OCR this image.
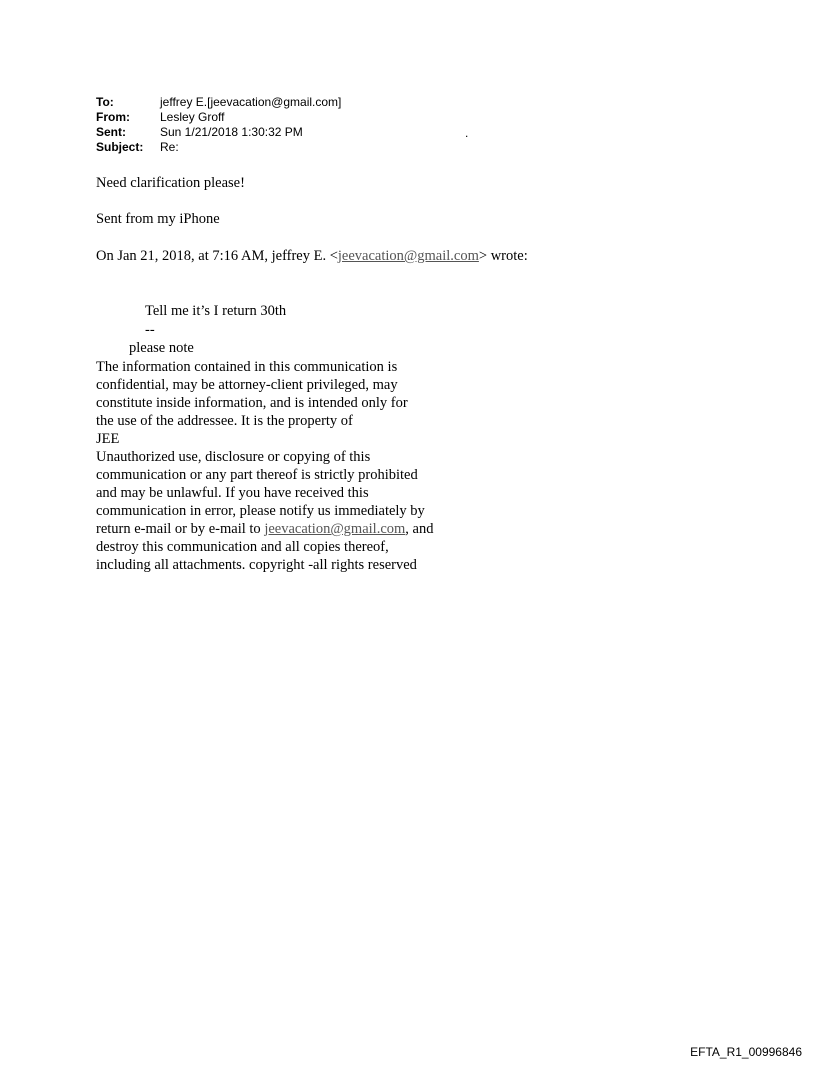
To:	jeffrey E.[jeevacation@gmail.com]
From:	Lesley Groff
Sent:	Sun 1/21/2018 1:30:32 PM
Subject:	Re:
.
Need clarification please!
Sent from my iPhone
On Jan 21, 2018, at 7:16 AM, jeffrey E. <jeevacation@gmail.com> wrote:
Tell me it’s I return 30th
--
please note
The information contained in this communication is
confidential, may be attorney-client privileged, may
constitute inside information, and is intended only for
the use of the addressee. It is the property of
JEE
Unauthorized use, disclosure or copying of this
communication or any part thereof is strictly prohibited
and may be unlawful. If you have received this
communication in error, please notify us immediately by
return e-mail or by e-mail to jeevacation@gmail.com, and
destroy this communication and all copies thereof,
including all attachments. copyright -all rights reserved
EFTA_R1_00996846
